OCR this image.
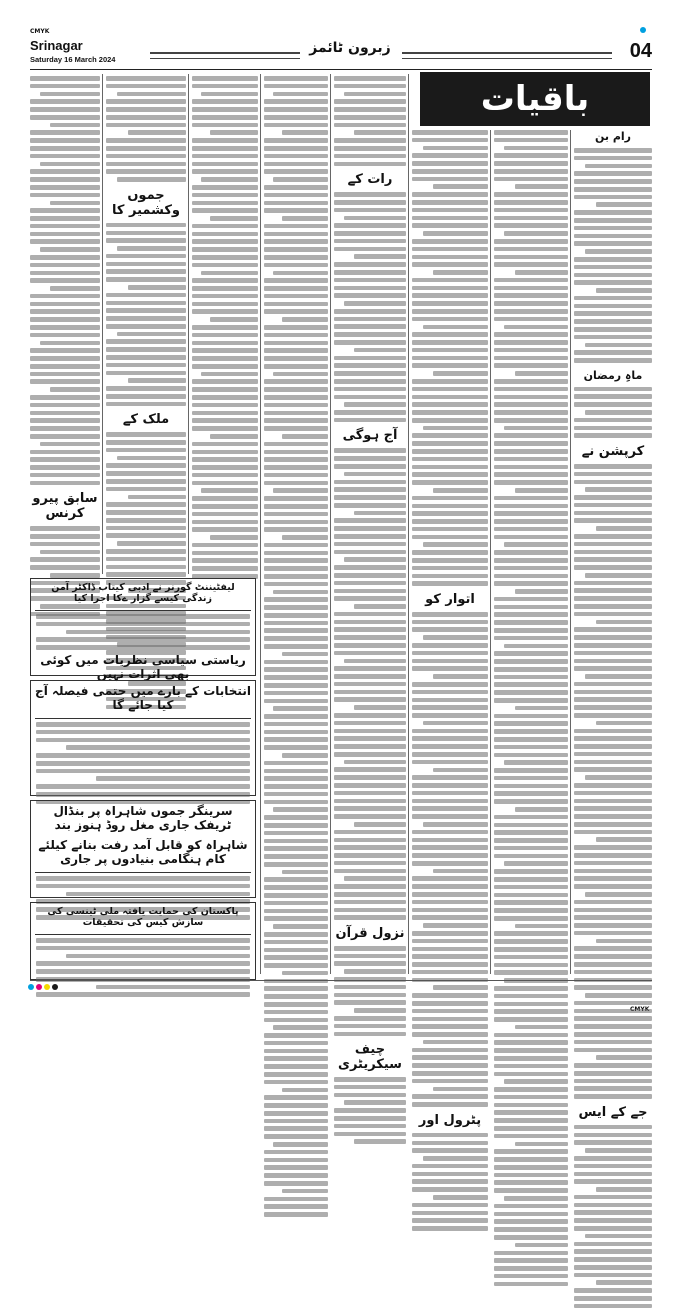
CMYK
Srinagar
Saturday 16 March 2024
زبرون ٹائمز	04
باقیات
سابق پیرو کرنس
جموں وکشمیر کا
ملک کے
لیفٹیننٹ گورنر نے ادبی کیتاب ڈاکٹر آمن زندگی کیسے گزار ےکا اجرا کیا
ریاستی سیاسی نظریات میں کوئی بھی اثرات نہیں
انتخابات کے بارے میں حتمی فیصلہ آج کیا جائے گا
سرینگر جموں شاہراہ پر بنڈال ٹریفک جاری مغل روڈ ہنوز بند
شاہراہ کو قابل آمد رفت بنانے کیلئے کام ہنگامی بنیادوں پر جاری
پاکستان کی حمایت یافتہ ملی ٹینسی کی سازش کیس کی تحقیقات
رات کے
آج ہوگی
نزول قرآن
چیف سیکریٹری
اتوار کو
پٹرول اور
رام بن
ماہِ رمضان
کرپشن نے
جے کے ایس
